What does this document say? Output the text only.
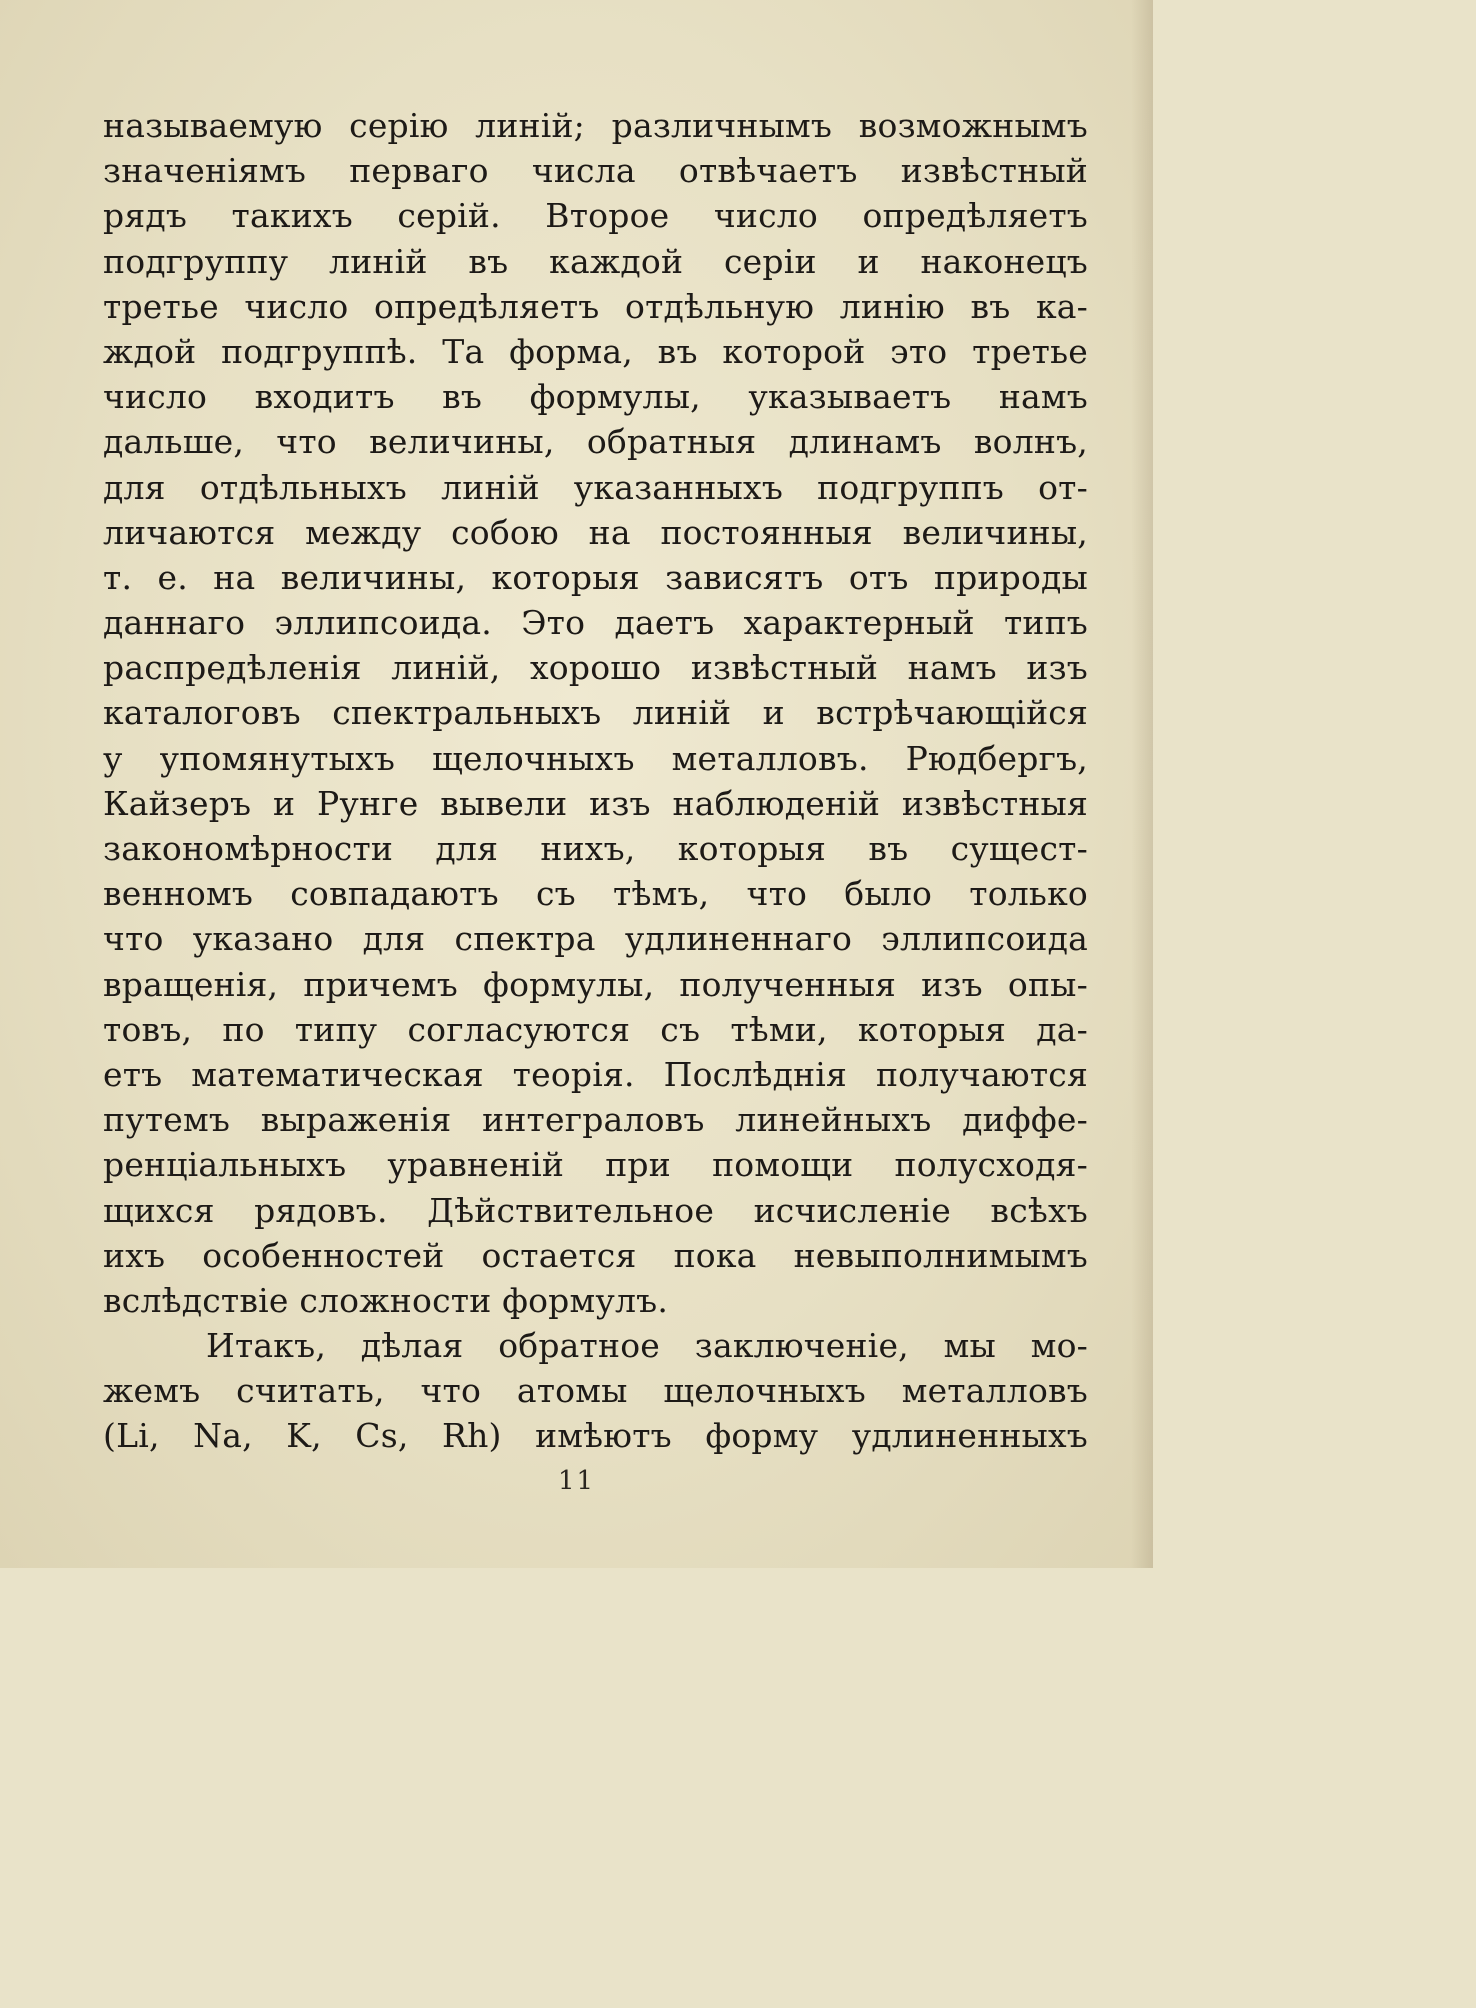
называемую серію линій; различнымъ возможнымъ
значеніямъ перваго числа отвѣчаетъ извѣстный
рядъ такихъ серій. Второе число опредѣляетъ
подгруппу линій въ каждой серіи и наконецъ
третье число опредѣляетъ отдѣльную линію въ ка-
ждой подгруппѣ. Та форма, въ которой это третье
число входитъ въ формулы, указываетъ намъ
дальше, что величины, обратныя длинамъ волнъ,
для отдѣльныхъ линій указанныхъ подгруппъ от-
личаются между собою на постоянныя величины,
т. е. на величины, которыя зависятъ отъ природы
даннаго эллипсоида. Это даетъ характерный типъ
распредѣленія линій, хорошо извѣстный намъ изъ
каталоговъ спектральныхъ линій и встрѣчающійся
у упомянутыхъ щелочныхъ металловъ. Рюдбергъ,
Кайзеръ и Рунге вывели изъ наблюденій извѣстныя
закономѣрности для нихъ, которыя въ сущест-
венномъ совпадаютъ съ тѣмъ, что было только
что указано для спектра удлиненнаго эллипсоида
вращенія, причемъ формулы, полученныя изъ опы-
товъ, по типу согласуются съ тѣми, которыя да-
етъ математическая теорія. Послѣднія получаются
путемъ выраженія интеграловъ линейныхъ диффе-
ренціальныхъ уравненій при помощи полусходя-
щихся рядовъ. Дѣйствительное исчисленіе всѣхъ
ихъ особенностей остается пока невыполнимымъ
вслѣдствіе сложности формулъ.
Итакъ, дѣлая обратное заключеніе, мы мо-
жемъ считать, что атомы щелочныхъ металловъ
(Li, Na, K, Cs, Rh) имѣютъ форму удлиненныхъ
11
